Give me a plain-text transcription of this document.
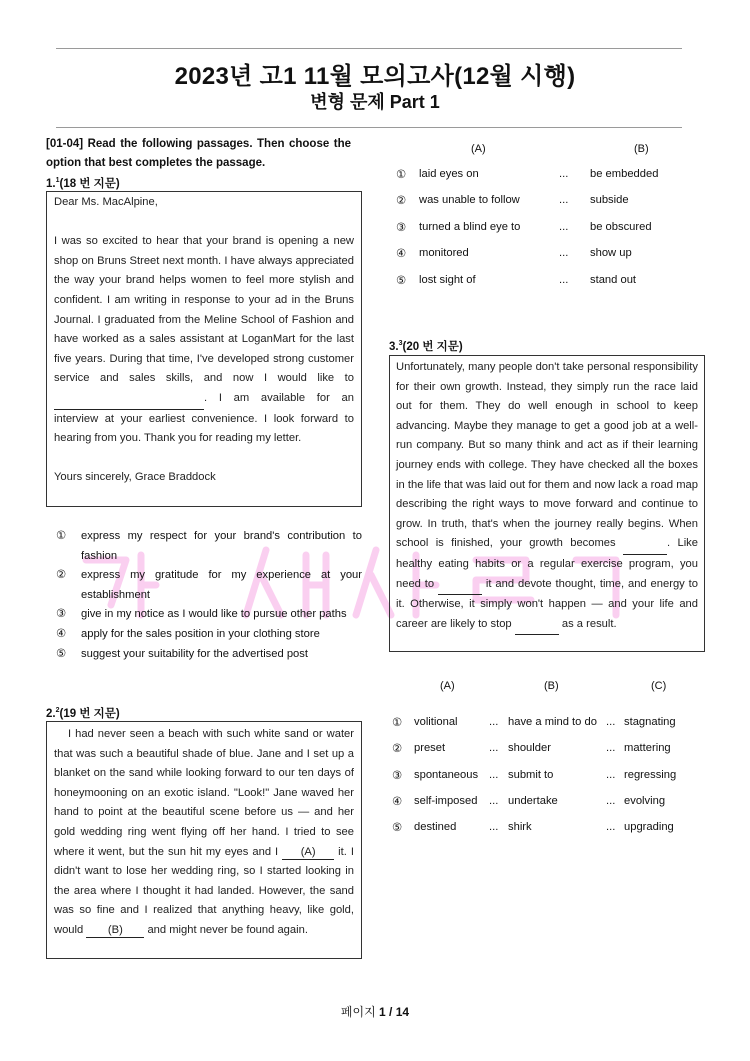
2023년 고1 11월 모의고사(12월 시행)
변형 문제 Part 1
[01-04] Read the following passages. Then choose the option that best completes the passage.
1.$^1$(18 번 지문)

Dear Ms. MacAlpine,

I was so excited to hear that your brand is opening a new shop on Bruns Street next month. I have always appreciated the way your brand helps women to feel more stylish and confident. I am writing in response to your ad in the Bruns Journal. I graduated from the Meline School of Fashion and have worked as a sales assistant at LoganMart for the last five years. During that time, I've developed strong customer service and sales skills, and now I would like to  . I am available for an interview at your earliest convenience. I look forward to hearing from you. Thank you for reading my letter.

Yours sincerely, Grace Braddock

① express my respect for your brand's contribution to fashion
② express my gratitude for my experience at your establishment
③ give in my notice as I would like to pursue other paths
④ apply for the sales position in your clothing store
⑤ suggest your suitability for the advertised post
2.$^2$(19 번 지문)

I had never seen a beach with such white sand or water that was such a beautiful shade of blue. Jane and I set up a blanket on the sand while looking forward to our ten days of honeymooning on an exotic island. "Look!" Jane waved her hand to point at the beautiful scene before us — and her gold wedding ring went flying off her hand. I tried to see where it went, but the sun hit my eyes and I (A) it. I didn't want to lose her wedding ring, so I started looking in the area where I thought it had landed. However, the sand was so fine and I realized that anything heavy, like gold, would (B) and might never be found again.

(A)	(B)
① laid eyes on	... be embedded
② was unable to follow	... subside
③ turned a blind eye to	... be obscured
④ monitored	... show up
⑤ lost sight of	... stand out
3.$^3$(20 번 지문)

Unfortunately, many people don't take personal responsibility for their own growth. Instead, they simply run the race laid out for them. They do well enough in school to keep advancing. Maybe they manage to get a good job at a well-run company. But so many think and act as if their learning journey ends with college. They have checked all the boxes in the life that was laid out for them and now lack a road map describing the right ways to move forward and continue to grow. In truth, that's when the journey really begins. When school is finished, your growth becomes	. Like healthy eating habits or a regular exercise program, you need to	it and devote thought, time, and energy to it. Otherwise, it simply won't happen — and your life and career are likely to stop	as a result.

(A)	(B)	(C)
① volitional	... have a mind to do ... stagnating
② preset	... shoulder	... mattering
③ spontaneous ... submit to	... regressing
④ self-imposed ... undertake	... evolving
⑤ destined	... shirk	... upgrading
페이지 1 / 14
